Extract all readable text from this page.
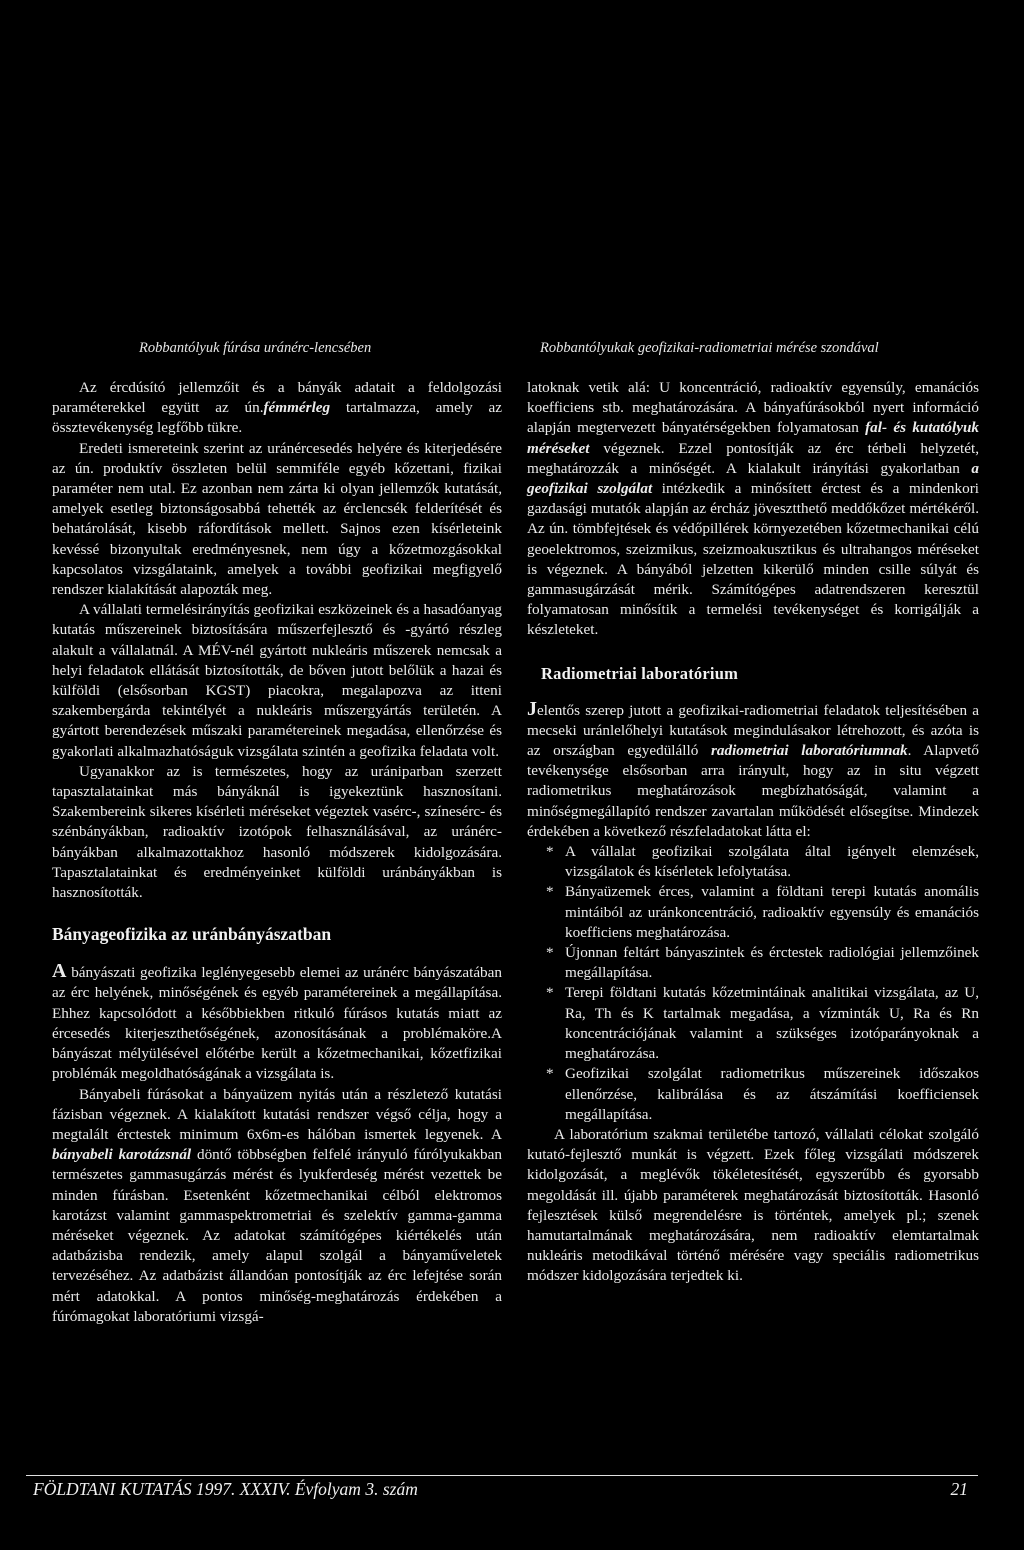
Robbantólyuk fúrása uránérc-lencsében	Robbantólyukak geofizikai-radiometriai mérése szondával

Az ércdúsító jellemzőit és a bányák adatait a feldolgozási paraméterekkel együtt az ún.fémmérleg tartalmazza, amely az össztevékenység legfőbb tükre.

Eredeti ismereteink szerint az uránércesedés helyére és kiterjedésére az ún. produktív összleten belül semmiféle egyéb kőzettani, fizikai paraméter nem utal. Ez azonban nem zárta ki olyan jellemzők kutatását, amelyek esetleg biztonságosabbá tehették az érclencsék felderítését és behatárolását, kisebb ráfordítások mellett. Sajnos ezen kísérleteink kevéssé bizonyultak eredményesnek, nem úgy a kőzetmozgásokkal kapcsolatos vizsgálataink, amelyek a további geofizikai megfigyelő rendszer kialakítását alapozták meg.

A vállalati termelésirányítás geofizikai eszközeinek és a hasadóanyag kutatás műszereinek biztosítására műszerfejlesztő és -gyártó részleg alakult a vállalatnál. A MÉV-nél gyártott nukleáris műszerek nemcsak a helyi feladatok ellátását biztosították, de bőven jutott belőlük a hazai és külföldi (elsősorban KGST) piacokra, megalapozva az itteni szakembergárda tekintélyét a nukleáris műszergyártás területén. A gyártott berendezések műszaki paramétereinek megadása, ellenőrzése és gyakorlati alkalmazhatóságuk vizsgálata szintén a geofizika feladata volt.

Ugyanakkor az is természetes, hogy az urániparban szerzett tapasztalatainkat más bányáknál is igyekeztünk hasznosítani. Szakembereink sikeres kísérleti méréseket végeztek vasérc-, színesérc- és szénbányákban, radioaktív izotópok felhasználásával, az uránérc-bányákban alkalmazottakhoz hasonló módszerek kidolgozására. Tapasztalatainkat és eredményeinket külföldi uránbányákban is hasznosították.

Bányageofizika az uránbányászatban

A bányászati geofizika leglényegesebb elemei az uránérc bányászatában az érc helyének, minőségének és egyéb paramétereinek a megállapítása. Ehhez kapcsolódott a későbbiekben ritkuló fúrásos kutatás miatt az ércesedés kiterjeszthetőségének, azonosításának a problémaköre.A bányászat mélyülésével előtérbe került a kőzetmechanikai, kőzetfizikai problémák megoldhatóságának a vizsgálata is.

Bányabeli fúrásokat a bányaüzem nyitás után a részletező kutatási fázisban végeznek. A kialakított kutatási rendszer végső célja, hogy a megtalált érctestek minimum 6x6m-es hálóban ismertek legyenek. A bányabeli karotázsnál döntő többségben felfelé irányuló fúrólyukakban természetes gammasugárzás mérést és lyukferdeség mérést vezettek be minden fúrásban. Esetenként kőzetmechanikai célból elektromos karotázst valamint gammaspektrometriai és szelektív gamma-gamma méréseket végeznek. Az adatokat számítógépes kiértékelés után adatbázisba rendezik, amely alapul szolgál a bányaműveletek tervezéséhez. Az adatbázist állandóan pontosítják az érc lefejtése során mért adatokkal. A pontos minőség-meghatározás érdekében a fúrómagokat laboratóriumi vizsgá-

latoknak vetik alá: U koncentráció, radioaktív egyensúly, emanációs koefficiens stb. meghatározására. A bányafúrásokból nyert információ alapján megtervezett bányatérségekben folyamatosan fal- és kutatólyuk méréseket végeznek. Ezzel pontosítják az érc térbeli helyzetét, meghatározzák a minőségét. A kialakult irányítási gyakorlatban a geofizikai szolgálat intézkedik a minősített érctest és a mindenkori gazdasági mutatók alapján az ércház jövesztthető meddőkőzet mértékéről. Az ún. tömbfejtések és védőpillérek környezetében kőzetmechanikai célú geoelektromos, szeizmikus, szeizmoakusztikus és ultrahangos méréseket is végeznek. A bányából jelzetten kikerülő minden csille súlyát és gammasugárzását mérik. Számítógépes adatrendszeren keresztül folyamatosan minősítik a termelési tevékenységet és korrigálják a készleteket.

Radiometriai laboratórium

Jelentős szerep jutott a geofizikai-radiometriai feladatok teljesítésében a mecseki uránlelőhelyi kutatások megindulásakor létrehozott, és azóta is az országban egyedülálló radiometriai laboratóriumnak. Alapvető tevékenysége elsősorban arra irányult, hogy az in situ végzett radiometrikus meghatározások megbízhatóságát, valamint a minőségmegállapító rendszer zavartalan működését elősegítse. Mindezek érdekében a következő részfeladatokat látta el:

* A vállalat geofizikai szolgálata által igényelt elemzések, vizsgálatok és kísérletek lefolytatása.
* Bányaüzemek érces, valamint a földtani terepi kutatás anomális mintáiból az uránkoncentráció, radioaktív egyensúly és emanációs koefficiens meghatározása.
* Újonnan feltárt bányaszintek és érctestek radiológiai jellemzőinek megállapítása.
* Terepi földtani kutatás kőzetmintáinak analitikai vizsgálata, az U, Ra, Th és K tartalmak megadása, a vízminták U, Ra és Rn koncentrációjának valamint a szükséges izotóparányoknak a meghatározása.
* Geofizikai szolgálat radiometrikus műszereinek időszakos ellenőrzése, kalibrálása és az átszámítási koefficiensek megállapítása.

A laboratórium szakmai területébe tartozó, vállalati célokat szolgáló kutató-fejlesztő munkát is végzett. Ezek főleg vizsgálati módszerek kidolgozását, a meglévők tökéletesítését, egyszerűbb és gyorsabb megoldását ill. újabb paraméterek meghatározását biztosították. Hasonló fejlesztések külső megrendelésre is történtek, amelyek pl.; szenek hamutartalmának meghatározására, nem radioaktív elemtartalmak nukleáris metodikával történő mérésére vagy speciális radiometrikus módszer kidolgozására terjedtek ki.

FÖLDTANI KUTATÁS 1997. XXXIV. Évfolyam 3. szám	21
